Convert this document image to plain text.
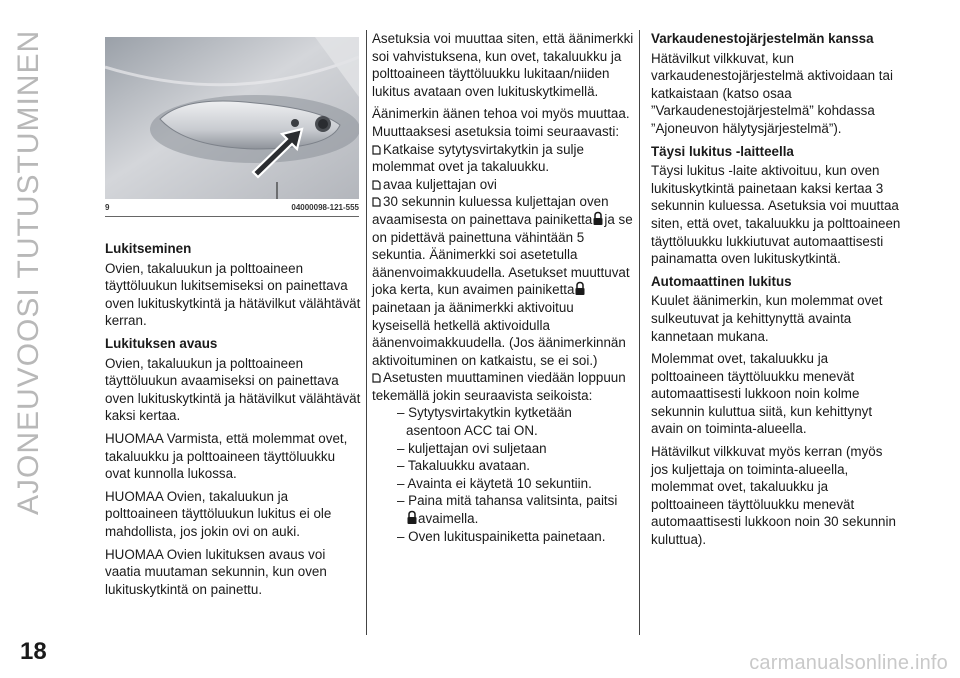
AJONEUVOOSI TUTUSTUMINEN
18	carmanualsonline.info
9	04000098-121-555
Lukitseminen

Ovien, takaluukun ja polttoaineen täyttöluukun lukitsemiseksi on painettava oven lukituskytkintä ja hätävilkut välähtävät kerran.

Lukituksen avaus

Ovien, takaluukun ja polttoaineen täyttöluukun avaamiseksi on painettava oven lukituskytkintä ja hätävilkut välähtävät kaksi kertaa.

HUOMAA Varmista, että molemmat ovet, takaluukku ja polttoaineen täyttöluukku ovat kunnolla lukossa.

HUOMAA Ovien, takaluukun ja polttoaineen täyttöluukun lukitus ei ole mahdollista, jos jokin ovi on auki.

HUOMAA Ovien lukituksen avaus voi vaatia muutaman sekunnin, kun oven lukituskytkintä on painettu.

Asetuksia voi muuttaa siten, että äänimerkki soi vahvistuksena, kun ovet, takaluukku ja polttoaineen täyttöluukku lukitaan/niiden lukitus avataan oven lukituskytkimellä.

Äänimerkin äänen tehoa voi myös muuttaa. Muuttaaksesi asetuksia toimi seuraavasti:

Katkaise sytytysvirtakytkin ja sulje molemmat ovet ja takaluukku.

avaa kuljettajan ovi

30 sekunnin kuluessa kuljettajan oven avaamisesta on painettava painiketta ja se on pidettävä painettuna vähintään 5 sekuntia. Äänimerkki soi asetetulla äänenvoimakkuudella. Asetukset muuttuvat joka kerta, kun avaimen painiketta
painetaan ja äänimerkki aktivoituu kyseisellä hetkellä aktivoidulla äänenvoimakkuudella. (Jos äänimerkinnän aktivoituminen on katkaistu, se ei soi.)

Asetusten muuttaminen viedään loppuun tekemällä jokin seuraavista seikoista:

– Sytytysvirtakytkin kytketään
asentoon ACC tai ON.
– kuljettajan ovi suljetaan
– Takaluukku avataan.
– Avainta ei käytetä 10 sekuntiin.
– Paina mitä tahansa valitsinta, paitsi
avaimella.
– Oven lukituspainiketta painetaan.
Varkaudenestojärjestelmän kanssa

Hätävilkut vilkkuvat, kun varkaudenestojärjestelmä aktivoidaan tai katkaistaan (katso osaa ”Varkaudenestojärjestelmä” kohdassa ”Ajoneuvon hälytysjärjestelmä”).

Täysi lukitus -laitteella

Täysi lukitus -laite aktivoituu, kun oven lukituskytkintä painetaan kaksi kertaa 3 sekunnin kuluessa. Asetuksia voi muuttaa siten, että ovet, takaluukku ja polttoaineen täyttöluukku lukkiutuvat automaattisesti painamatta oven lukituskytkintä.

Automaattinen lukitus

Kuulet äänimerkin, kun molemmat ovet sulkeutuvat ja kehittynyttä avainta kannetaan mukana.

Molemmat ovet, takaluukku ja polttoaineen täyttöluukku menevät automaattisesti lukkoon noin kolme sekunnin kuluttua siitä, kun kehittynyt avain on toiminta-alueella.

Hätävilkut vilkkuvat myös kerran (myös jos kuljettaja on toiminta-alueella, molemmat ovet, takaluukku ja polttoaineen täyttöluukku menevät automaattisesti lukkoon noin 30 sekunnin kuluttua).
